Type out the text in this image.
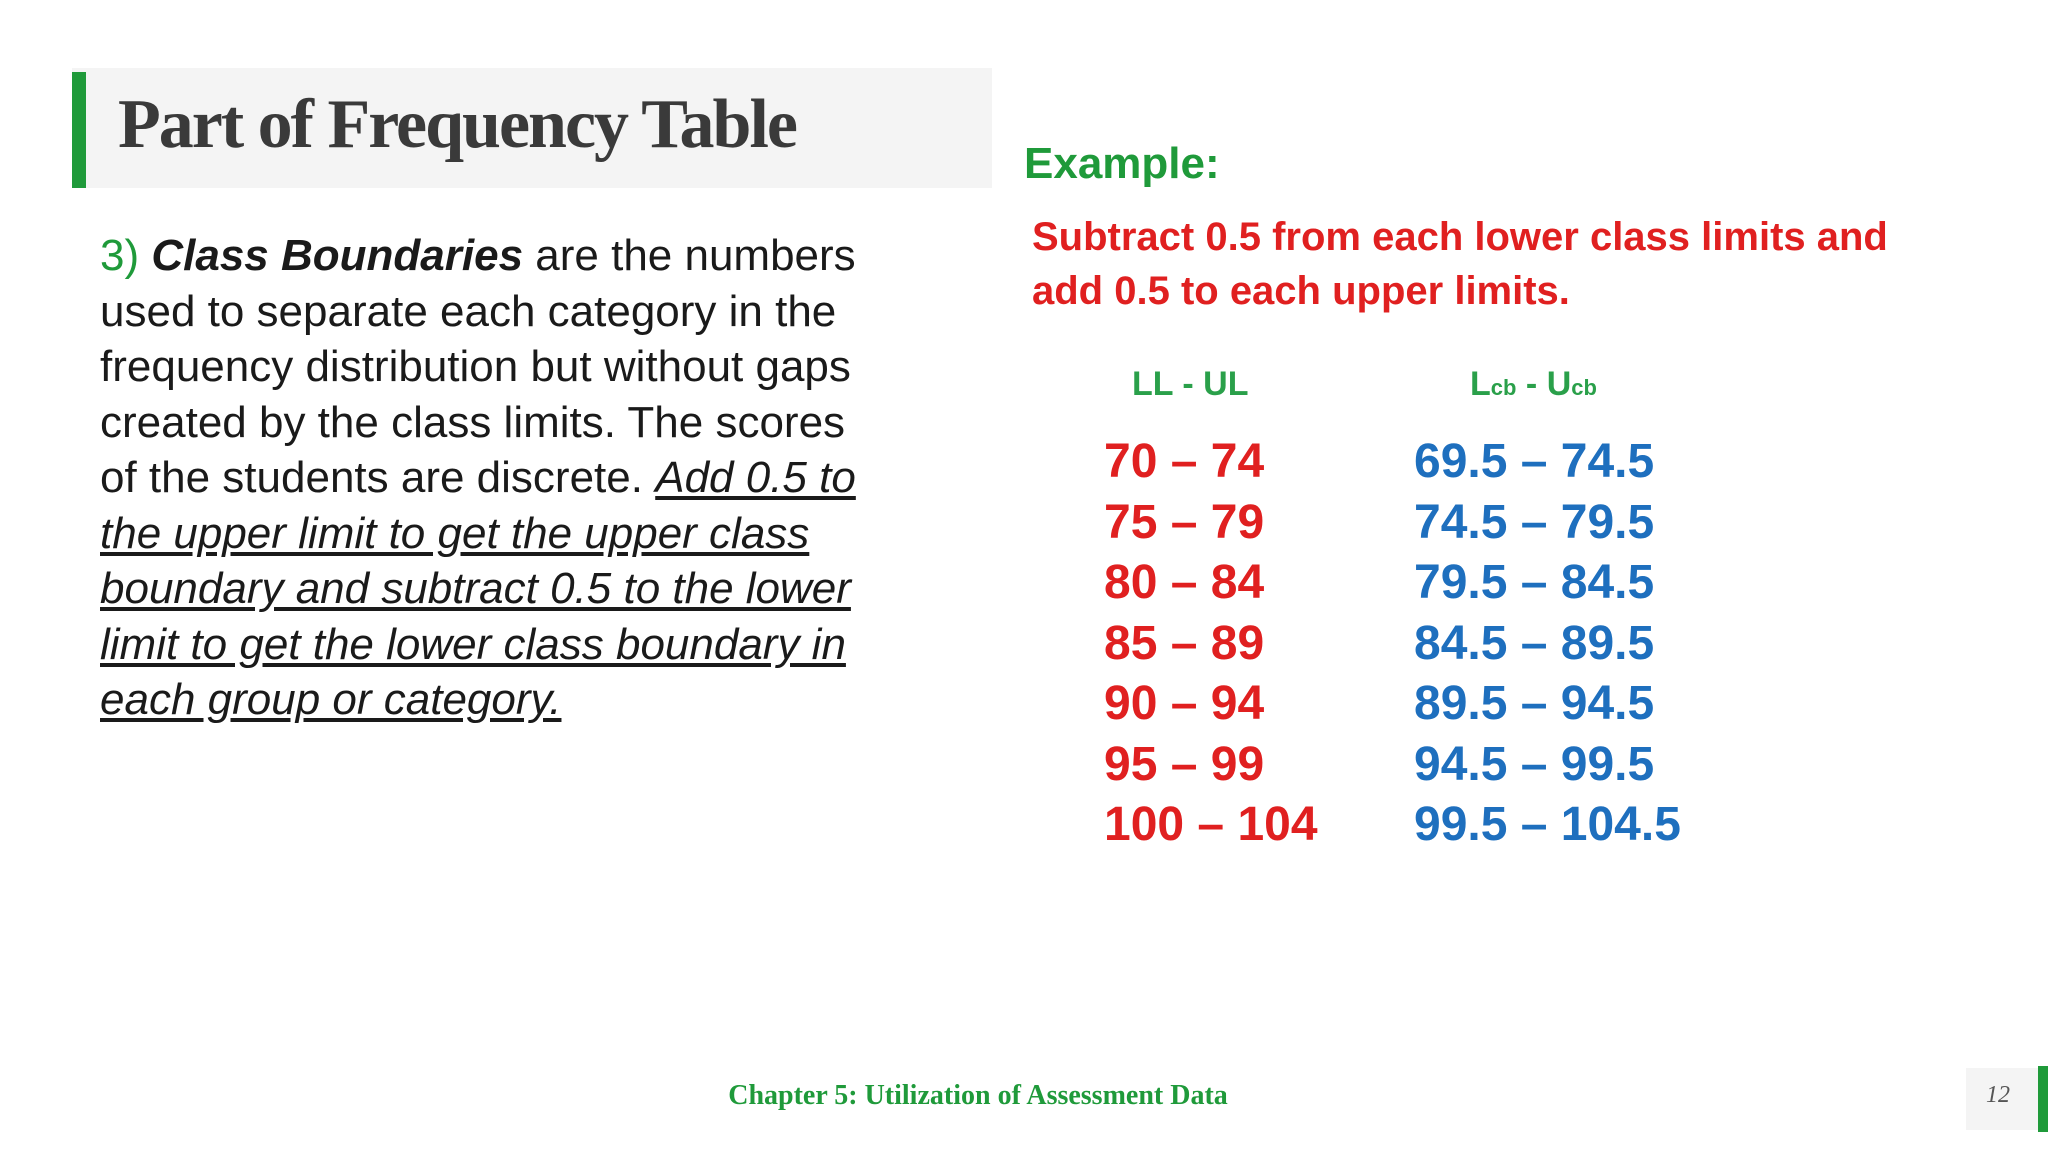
Part of Frequency Table
3) Class Boundaries are the numbers used to separate each category in the frequency distribution but without gaps created by the class limits. The scores of the students are discrete. Add 0.5 to the upper limit to get the upper class boundary and subtract 0.5 to the lower limit to get the lower class boundary in each group or category.
Example:
Subtract 0.5 from each lower class limits and add 0.5 to each upper limits.
LL - UL	Lcb - Ucb
70 – 74
75 – 79
80 – 84
85 – 89
90 – 94
95 – 99
100 – 104
69.5 – 74.5
74.5 – 79.5
79.5 – 84.5
84.5 – 89.5
89.5 – 94.5
94.5 – 99.5
99.5 – 104.5
Chapter 5: Utilization of Assessment Data	12
